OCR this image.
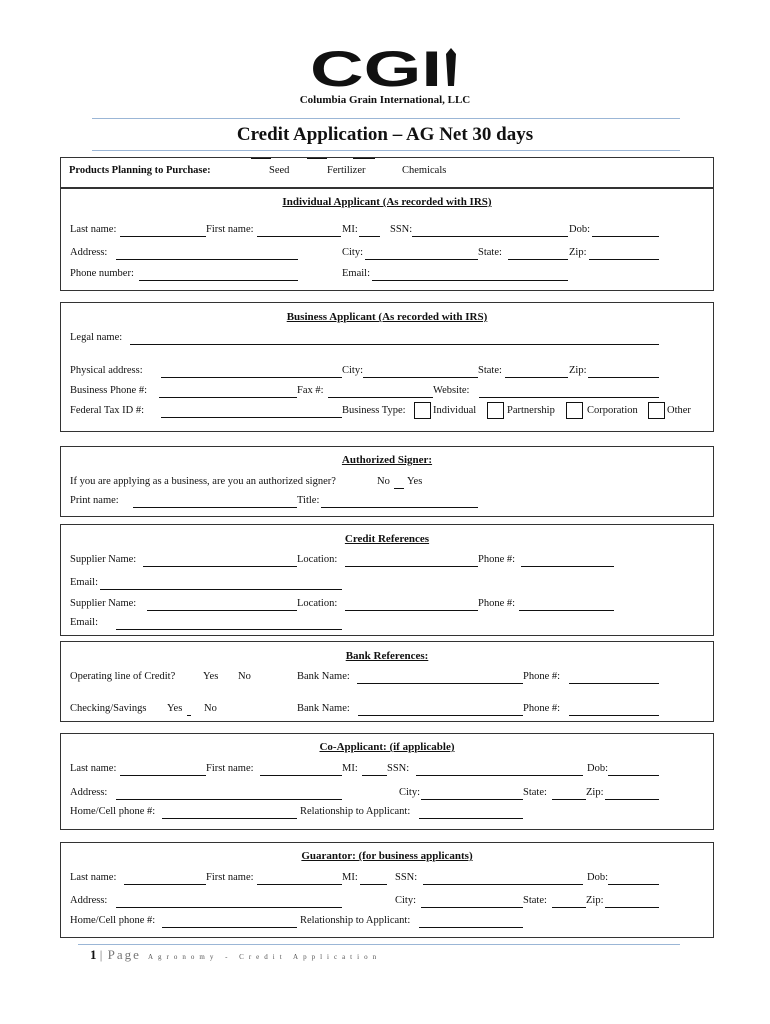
CGI
Columbia Grain International, LLC
Credit Application – AG Net 30 days
Products Planning to Purchase:	Seed	Fertilizer	Chemicals
Individual Applicant (As recorded with IRS)
Last name:	First name:	MI:	SSN:	Dob:
Address:	City:	State:	Zip:
Phone number:	Email:
Business Applicant (As recorded with IRS)
Legal name:
Physical address:	City:	State:	Zip:
Business Phone #:	Fax #:	Website:
Federal Tax ID #:	Business Type:	Individual	Partnership	Corporation	Other
Authorized Signer:
If you are applying as a business, are you an authorized signer?	No Yes
Print name:	Title:
Credit References
Supplier Name:	Location:	Phone #:
Email:
Supplier Name:	Location:	Phone #:
Email:
Bank References:
Operating line of Credit?	Yes No	Bank Name:	Phone #:
Checking/Savings Yes No	Bank Name:	Phone #:
Co-Applicant: (if applicable)
Last name:	First name:	MI:	SSN:	Dob:
Address:	City:	State:	Zip:
Home/Cell phone #:	Relationship to Applicant:
Guarantor: (for business applicants)
Last name:	First name:	MI:	SSN:	Dob:
Address:	City:	State:	Zip:
Home/Cell phone #:	Relationship to Applicant:
1 | Page Agronomy - Credit Application
